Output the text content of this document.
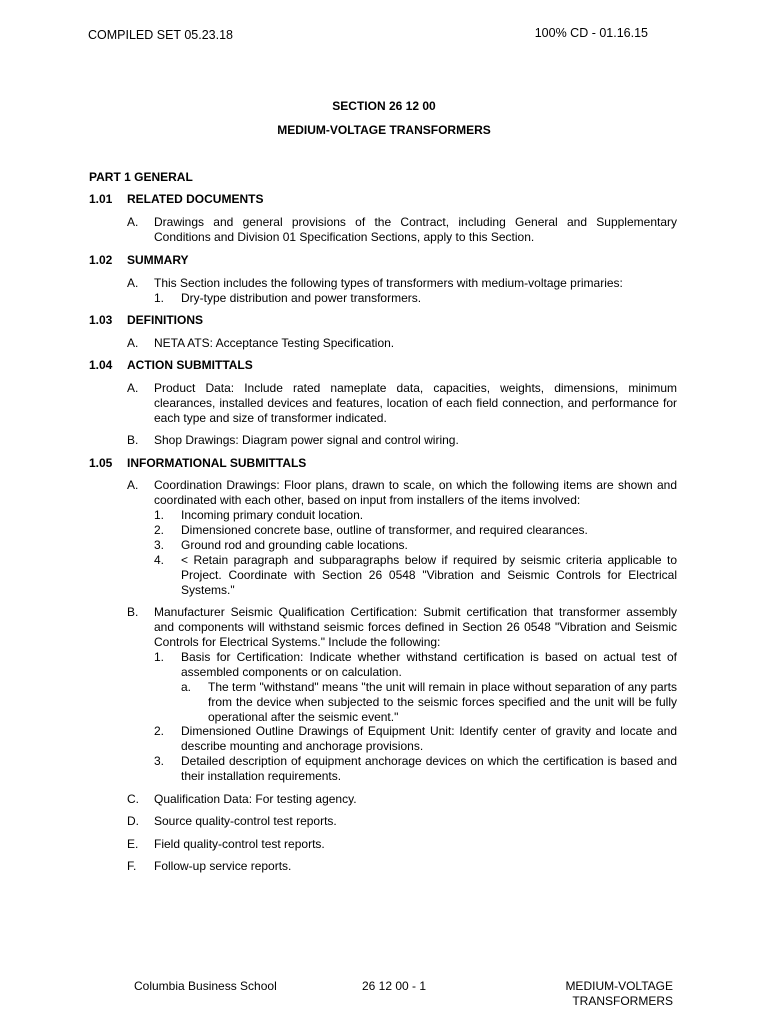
COMPILED SET 05.23.18	100% CD - 01.16.15
SECTION 26 12 00
MEDIUM-VOLTAGE TRANSFORMERS
PART 1 GENERAL
1.01 RELATED DOCUMENTS
A. Drawings and general provisions of the Contract, including General and Supplementary Conditions and Division 01 Specification Sections, apply to this Section.
1.02 SUMMARY
A. This Section includes the following types of transformers with medium-voltage primaries:
1. Dry-type distribution and power transformers.
1.03 DEFINITIONS
A. NETA ATS: Acceptance Testing Specification.
1.04 ACTION SUBMITTALS
A. Product Data: Include rated nameplate data, capacities, weights, dimensions, minimum clearances, installed devices and features, location of each field connection, and performance for each type and size of transformer indicated.
B. Shop Drawings: Diagram power signal and control wiring.
1.05 INFORMATIONAL SUBMITTALS
A. Coordination Drawings: Floor plans, drawn to scale, on which the following items are shown and coordinated with each other, based on input from installers of the items involved:
1. Incoming primary conduit location.
2. Dimensioned concrete base, outline of transformer, and required clearances.
3. Ground rod and grounding cable locations.
4. < Retain paragraph and subparagraphs below if required by seismic criteria applicable to Project. Coordinate with Section 26 0548 "Vibration and Seismic Controls for Electrical Systems."
B. Manufacturer Seismic Qualification Certification: Submit certification that transformer assembly and components will withstand seismic forces defined in Section 26 0548 "Vibration and Seismic Controls for Electrical Systems." Include the following:
1. Basis for Certification: Indicate whether withstand certification is based on actual test of assembled components or on calculation.
a. The term "withstand" means "the unit will remain in place without separation of any parts from the device when subjected to the seismic forces specified and the unit will be fully operational after the seismic event."
2. Dimensioned Outline Drawings of Equipment Unit: Identify center of gravity and locate and describe mounting and anchorage provisions.
3. Detailed description of equipment anchorage devices on which the certification is based and their installation requirements.
C. Qualification Data: For testing agency.
D. Source quality-control test reports.
E. Field quality-control test reports.
F. Follow-up service reports.
Columbia Business School	26 12 00 - 1	MEDIUM-VOLTAGE
TRANSFORMERS
